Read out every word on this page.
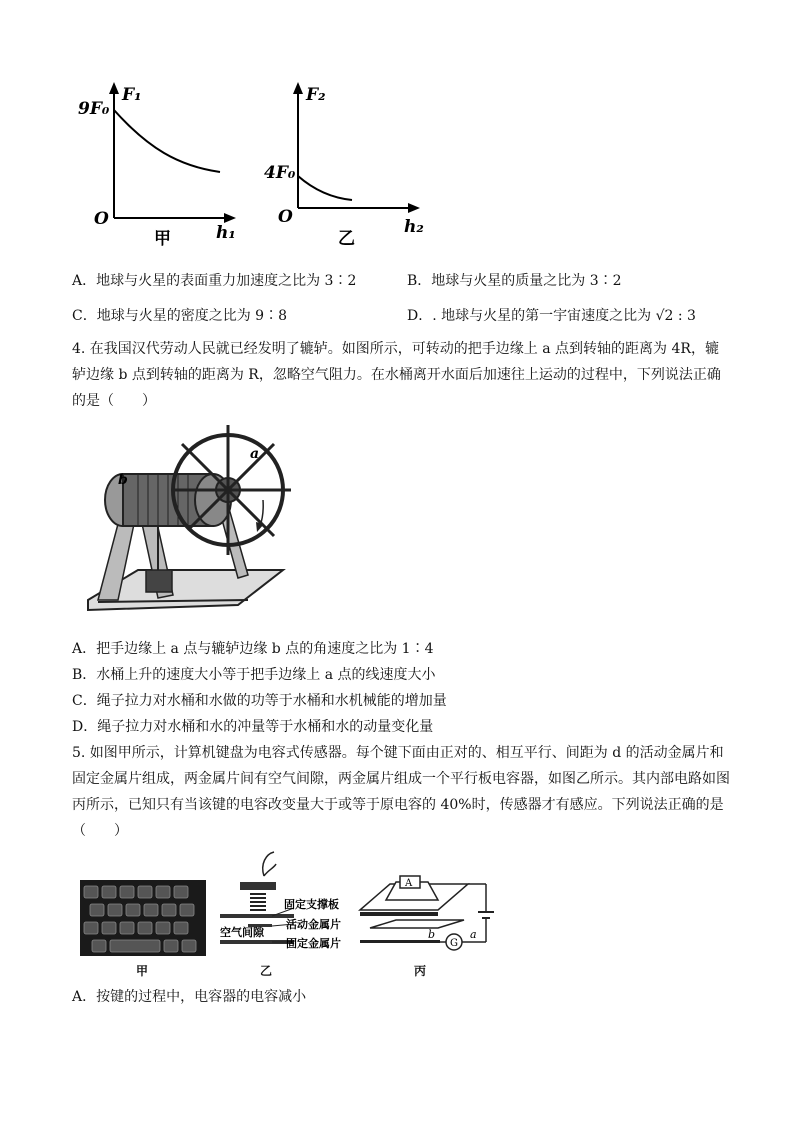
9F₀
F₁
O
h₁
甲
4F₀
F₂
O	h₂
乙
A．地球与火星的表面重力加速度之比为 3∶2	B．地球与火星的质量之比为 3∶2
C．地球与火星的密度之比为 9∶8	D．. 地球与火星的第一宇宙速度之比为 √2 : 3
4. 在我国汉代劳动人民就已经发明了辘轳。如图所示，可转动的把手边缘上 a 点到转轴的距离为 4R，辘轳边缘 b 点到转轴的距离为 R，忽略空气阻力。在水桶离开水面后加速往上运动的过程中，下列说法正确的是（　　）
a
b
A．把手边缘上 a 点与辘轳边缘 b 点的角速度之比为 1∶4
B．水桶上升的速度大小等于把手边缘上 a 点的线速度大小
C．绳子拉力对水桶和水做的功等于水桶和水机械能的增加量
D．绳子拉力对水桶和水的冲量等于水桶和水的动量变化量
5. 如图甲所示，计算机键盘为电容式传感器。每个键下面由正对的、相互平行、间距为 d 的活动金属片和固定金属片组成，两金属片间有空气间隙，两金属片组成一个平行板电容器，如图乙所示。其内部电路如图丙所示，已知只有当该键的电容改变量大于或等于原电容的 40%时，传感器才有感应。下列说法正确的是（　　）
甲
固定支撑板
活动金属片
空气间隙
固定金属片
乙
A
G
b	a
丙
A．按键的过程中，电容器的电容减小
